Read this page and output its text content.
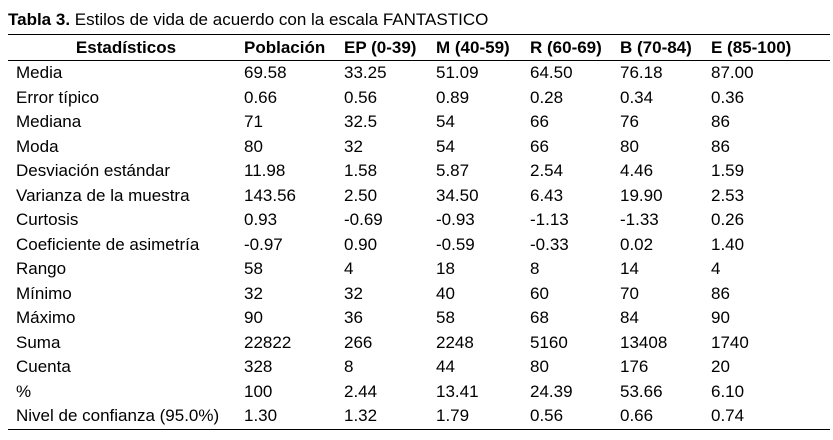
Tabla 3. Estilos de vida de acuerdo con la escala FANTASTICO
Estadísticos	Población	EP (0-39)	M (40-59)	R (60-69)	B (70-84)	E (85-100)
Media	69.58	33.25	51.09	64.50	76.18	87.00
Error típico	0.66	0.56	0.89	0.28	0.34	0.36
Mediana	71	32.5	54	66	76	86
Moda	80	32	54	66	80	86
Desviación estándar	11.98	1.58	5.87	2.54	4.46	1.59
Varianza de la muestra	143.56	2.50	34.50	6.43	19.90	2.53
Curtosis	0.93	-0.69	-0.93	-1.13	-1.33	0.26
Coeficiente de asimetría	-0.97	0.90	-0.59	-0.33	0.02	1.40
Rango	58	4	18	8	14	4
Mínimo	32	32	40	60	70	86
Máximo	90	36	58	68	84	90
Suma	22822	266	2248	5160	13408	1740
Cuenta	328	8	44	80	176	20
%	100	2.44	13.41	24.39	53.66	6.10
Nivel de confianza (95.0%)	1.30	1.32	1.79	0.56	0.66	0.74
